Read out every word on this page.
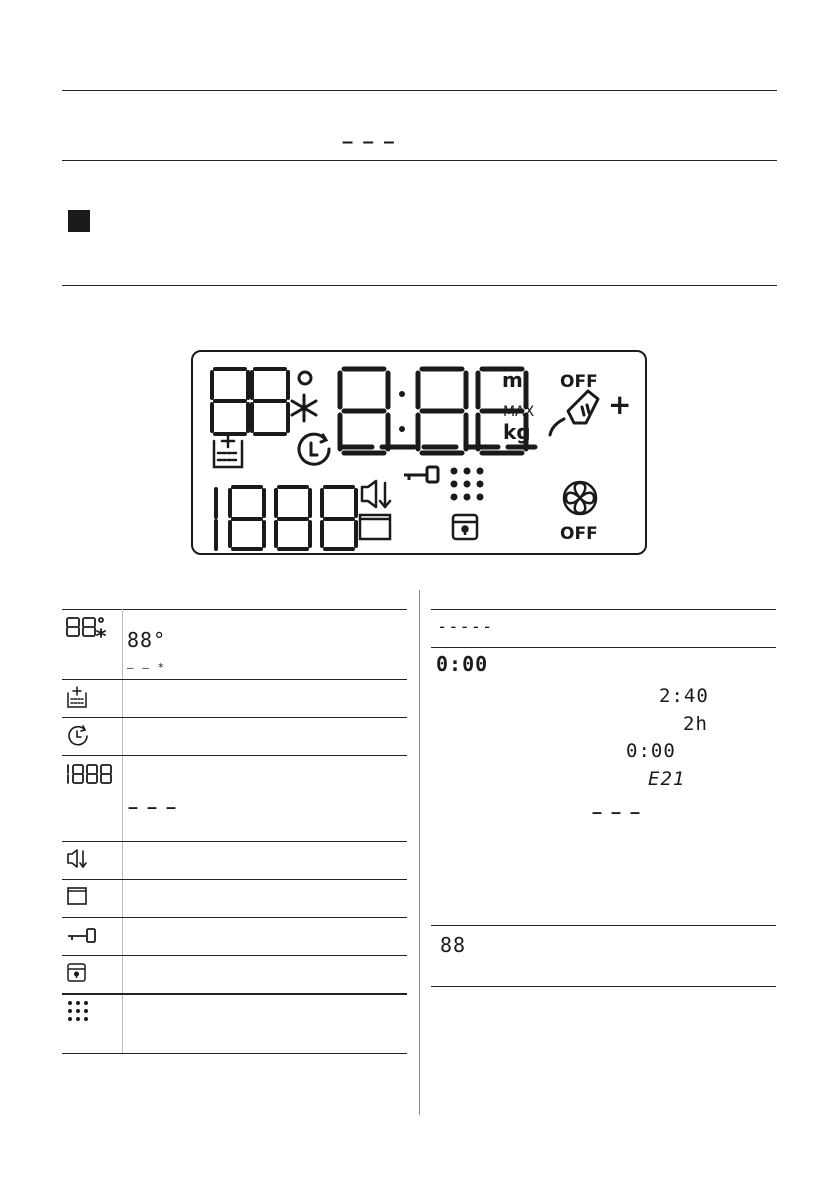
– – –
ml
MAX
kg
OFF
+
OFF
88°
– – *
– – –
-----
0:00
2:40
2h
0:00
E21
– – –
88
